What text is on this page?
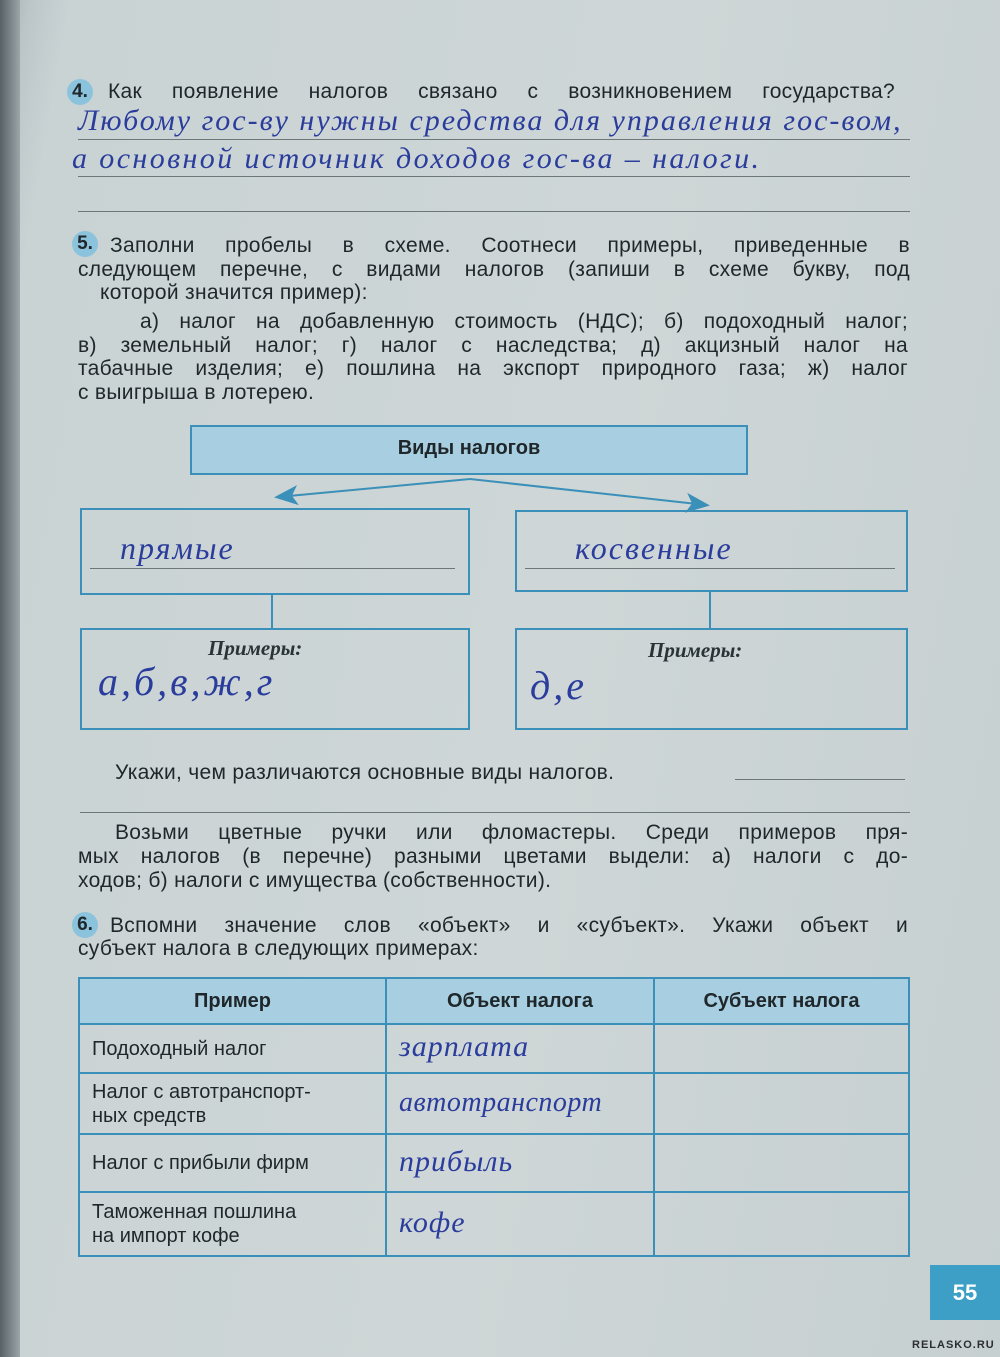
4. Как появление налогов связано с возникновением государства?
Любому гос-ву нужны средства для управления гос-вом,
а основной источник доходов гос-ва – налоги.
5. Заполни пробелы в схеме. Соотнеси примеры, приведенные в
следующем перечне, с видами налогов (запиши в схеме букву, под
которой значится пример):
а) налог на добавленную стоимость (НДС); б) подоходный налог;
в) земельный налог; г) налог с наследства; д) акцизный налог на
табачные изделия; е) пошлина на экспорт природного газа; ж) налог
с выигрыша в лотерею.
Виды налогов
прямые	косвенные
Примеры:
а,б,в,ж,г
Примеры:
д,е
Укажи, чем различаются основные виды налогов.
Возьми цветные ручки или фломастеры. Среди примеров пря-
мых налогов (в перечне) разными цветами выдели: а) налоги с до-
ходов; б) налоги с имущества (собственности).
6. Вспомни значение слов «объект» и «субъект». Укажи объект и
субъект налога в следующих примерах:
Пример	Объект налога	Субъект налога

Подоходный налог	зарплата	

Налог с автотранспорт-
ных средств	автотранспорт	

Налог с прибыли фирм	прибыль	

Таможенная пошлина
на импорт кофе	кофе	
55
RELASKO.RU
